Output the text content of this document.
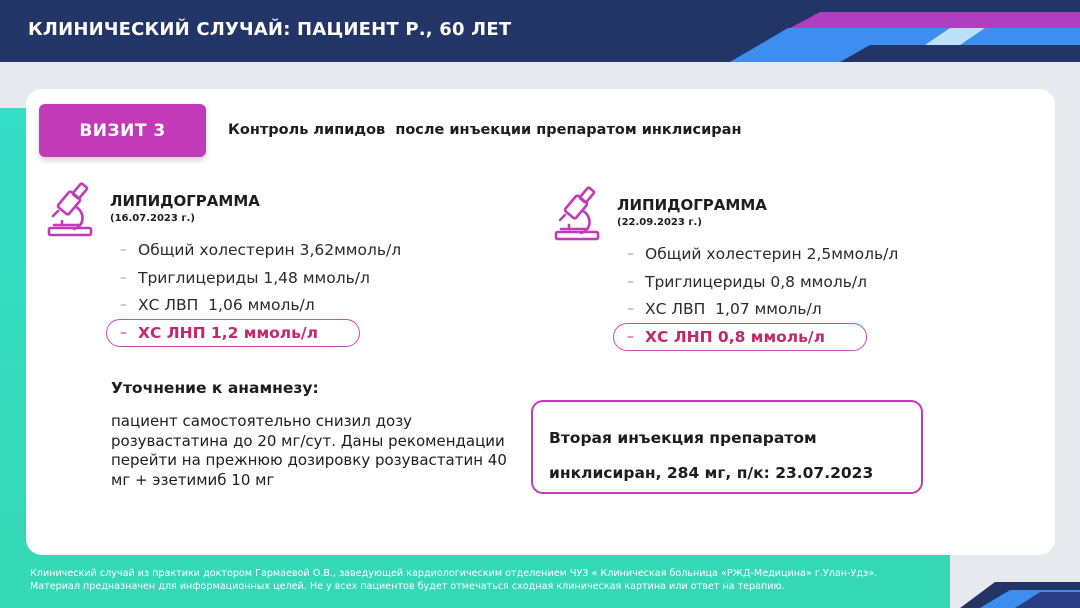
КЛИНИЧЕСКИЙ СЛУЧАЙ: ПАЦИЕНТ Р., 60 ЛЕТ
ВИЗИТ 3	Контроль липидов  после инъекции препаратом инклисиран
ЛИПИДОГРАММА
(16.07.2023 г.)
– Общий холестерин 3,62ммоль/л
– Триглицериды 1,48 ммоль/л
– ХС ЛВП  1,06 ммоль/л
– ХС ЛНП 1,2 ммоль/л
ЛИПИДОГРАММА
(22.09.2023 г.)
– Общий холестерин 2,5ммоль/л
– Триглицериды 0,8 ммоль/л
– ХС ЛВП  1,07 ммоль/л
– ХС ЛНП 0,8 ммоль/л
Уточнение к анамнезу:
пациент самостоятельно снизил дозу розувастатина до 20 мг/сут. Даны рекомендации перейти на прежнюю дозировку розувастатин 40 мг + эзетимиб 10 мг
Вторая инъекция препаратом
инклисиран, 284 мг, п/к: 23.07.2023
Клинический случай из практики доктором Гармаевой О.В., заведующей кардиологическим отделением ЧУЗ « Клиническая больница «РЖД-Медицина» г.Улан-Удэ». Материал предназначен для информационных целей. Не у всех пациентов будет отмечаться сходная клиническая картина или ответ на терапию.
